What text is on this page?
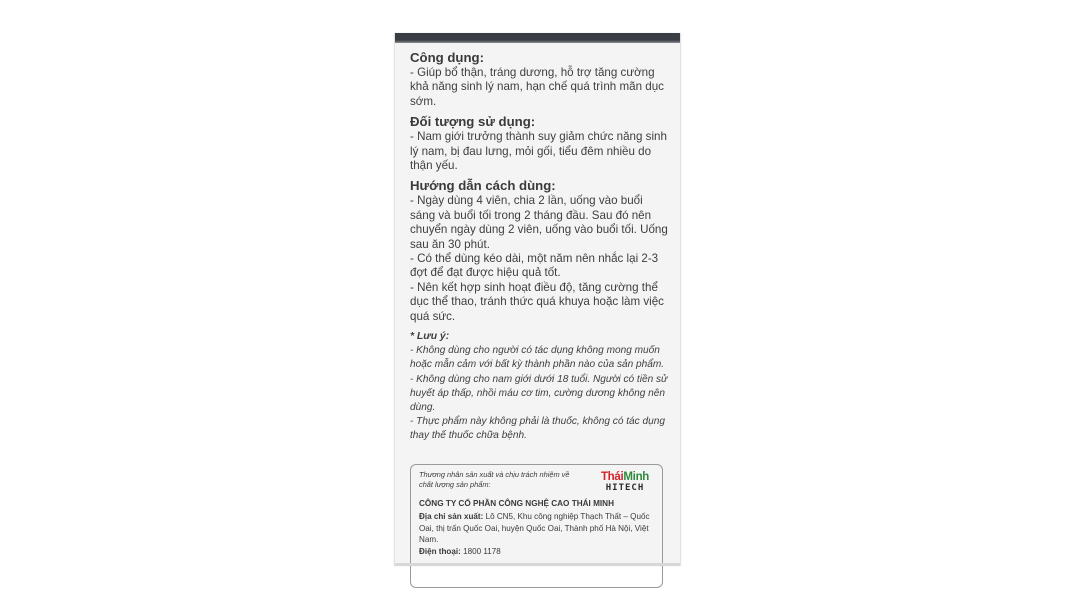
Công dụng:

- Giúp bổ thận, tráng dương, hỗ trợ tăng cường khả năng sinh lý nam, hạn chế quá trình mãn dục sớm.

Đối tượng sử dụng:

- Nam giới trưởng thành suy giảm chức năng sinh lý nam, bị đau lưng, mỏi gối, tiểu đêm nhiều do thận yếu.

Hướng dẫn cách dùng:

- Ngày dùng 4 viên, chia 2 lần, uống vào buổi sáng và buổi tối trong 2 tháng đầu. Sau đó nên chuyển ngày dùng 2 viên, uống vào buổi tối. Uống sau ăn 30 phút.

- Có thể dùng kéo dài, một năm nên nhắc lại 2-3 đợt để đạt được hiệu quả tốt.

- Nên kết hợp sinh hoạt điều độ, tăng cường thể dục thể thao, tránh thức quá khuya hoặc làm việc quá sức.

* Lưu ý:

- Không dùng cho người có tác dụng không mong muốn hoặc mẫn cảm với bất kỳ thành phần nào của sản phẩm.

- Không dùng cho nam giới dưới 18 tuổi. Người có tiền sử huyết áp thấp, nhồi máu cơ tim, cường dương không nên dùng.

- Thực phẩm này không phải là thuốc, không có tác dụng thay thế thuốc chữa bệnh.

Thương nhân sản xuất và chịu trách nhiệm về chất lượng sản phẩm:

TháiMinh
HITECH

CÔNG TY CỔ PHẦN CÔNG NGHỆ CAO THÁI MINH

Địa chỉ sản xuất: Lô CN5, Khu công nghiệp Thạch Thất – Quốc Oai, thị trấn Quốc Oai, huyện Quốc Oai, Thành phố Hà Nội, Việt Nam.

Điện thoại: 1800 1178
